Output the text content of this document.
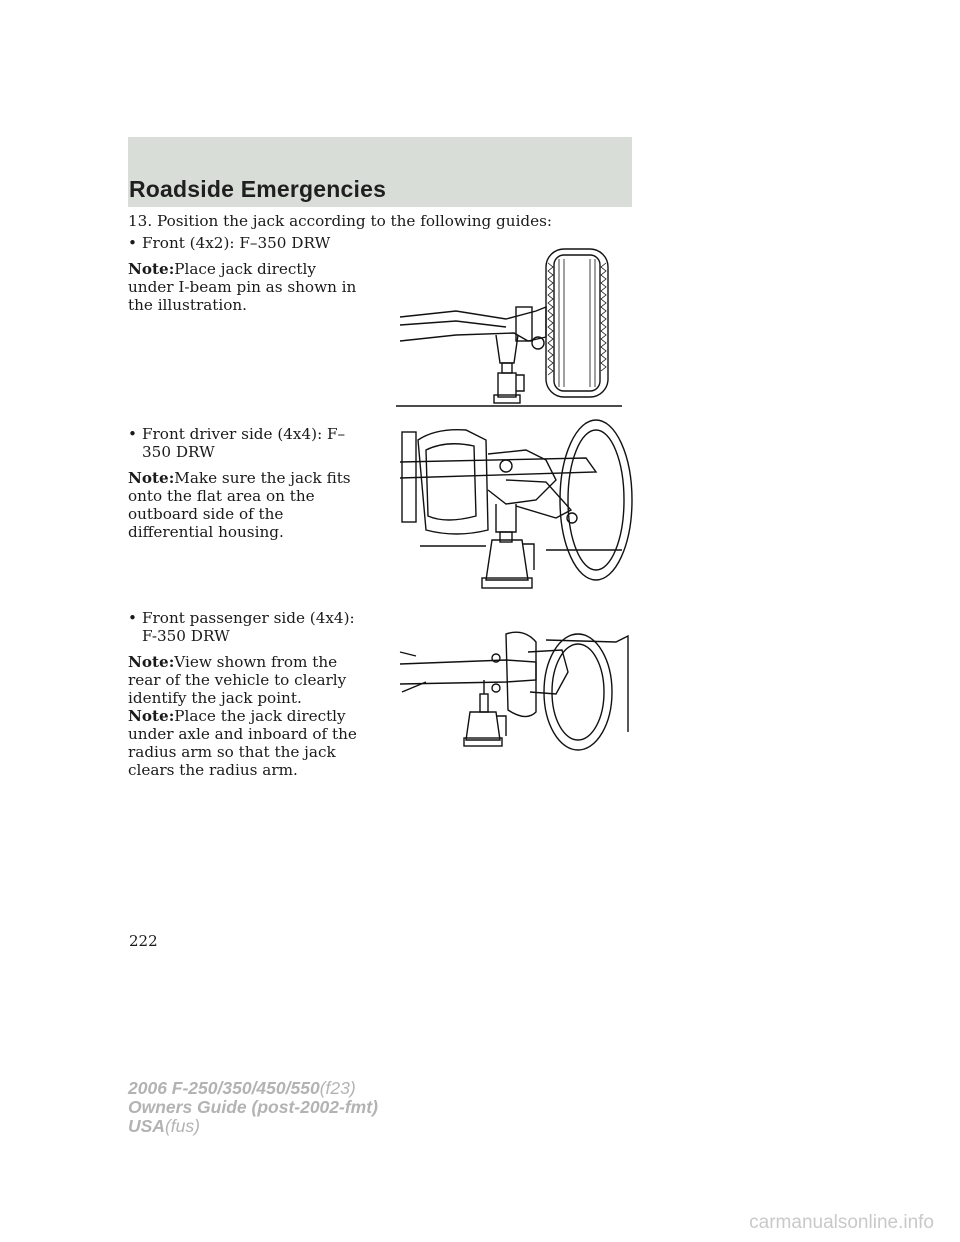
Roadside Emergencies
13. Position the jack according to the following guides:
• Front (4x2): F–350 DRW
Note:Place jack directly under I-beam pin as shown in the illustration.
• Front driver side (4x4): F–350 DRW
Note:Make sure the jack fits onto the flat area on the outboard side of the differential housing.
• Front passenger side (4x4): F-350 DRW
Note:View shown from the rear of the vehicle to clearly identify the jack point.
Note:Place the jack directly under axle and inboard of the radius arm so that the jack clears the radius arm.
222
2006 F-250/350/450/550(f23)
Owners Guide (post-2002-fmt)
USA(fus)
carmanualsonline.info
